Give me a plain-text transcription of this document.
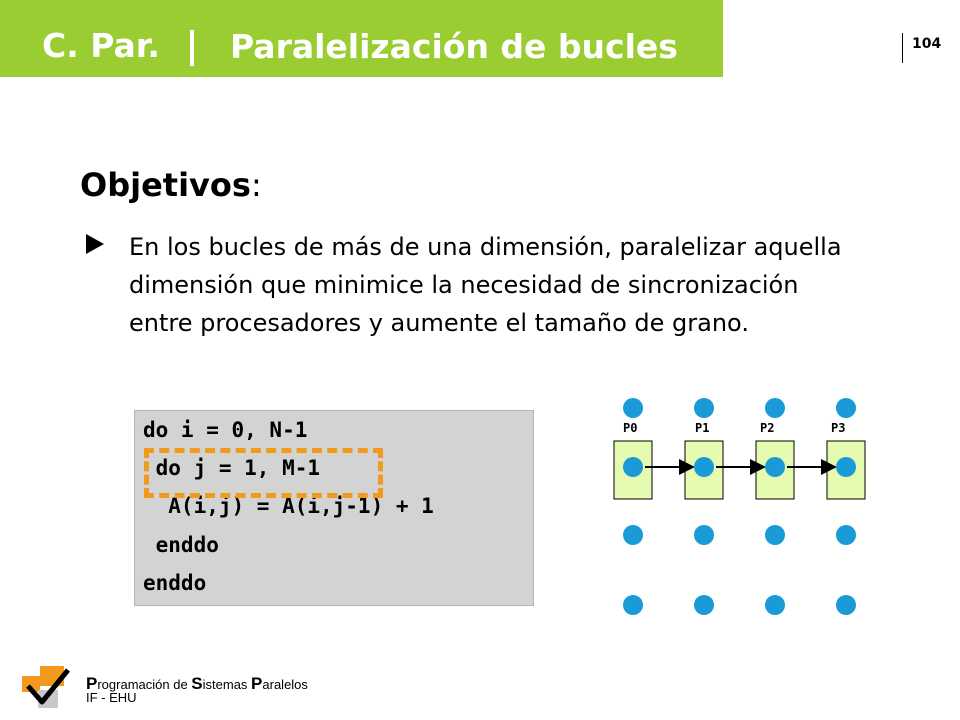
C. Par. Paralelización de bucles	104
Objetivos:
En los bucles de más de una dimensión, paralelizar aquella dimensión que minimice la necesidad de sincronización entre procesadores y aumente el tamaño de grano.
do i = 0, N-1
do j = 1, M-1
A(i,j) = A(i,j-1) + 1
enddo
enddo
P0	P1	P2	P3
Programación de Sistemas Paralelos
IF - EHU
